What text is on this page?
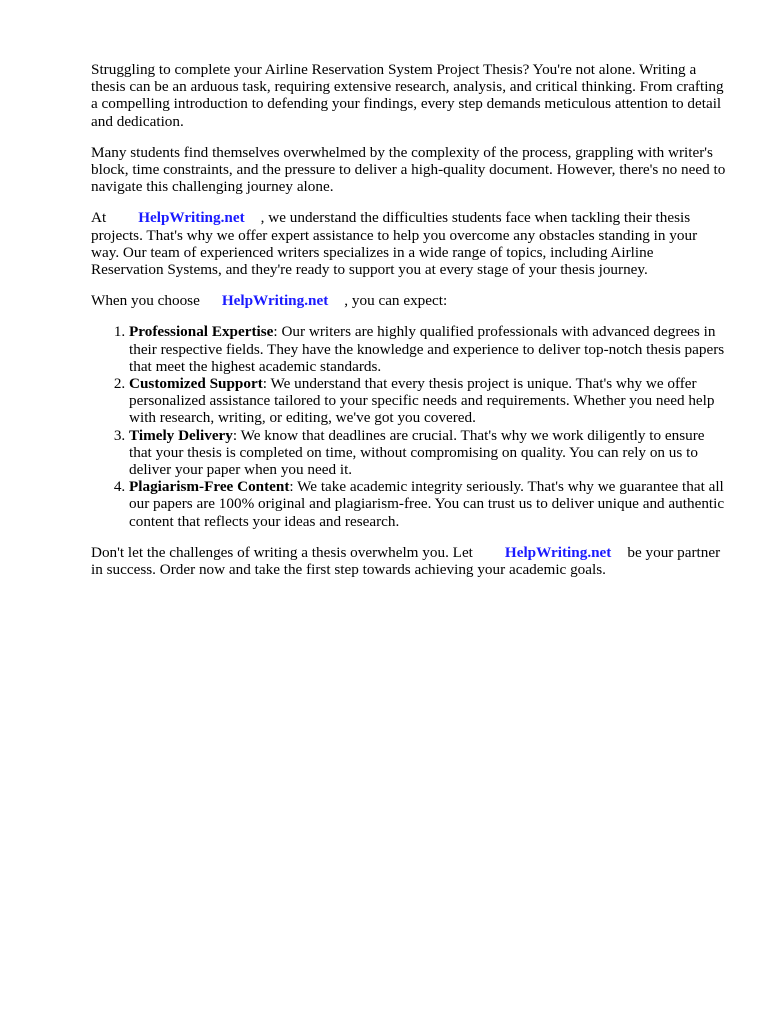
Struggling to complete your Airline Reservation System Project Thesis? You're not alone. Writing a thesis can be an arduous task, requiring extensive research, analysis, and critical thinking. From crafting a compelling introduction to defending your findings, every step demands meticulous attention to detail and dedication.

Many students find themselves overwhelmed by the complexity of the process, grappling with writer's block, time constraints, and the pressure to deliver a high-quality document. However, there's no need to navigate this challenging journey alone.

At HelpWriting.net , we understand the difficulties students face when tackling their thesis projects. That's why we offer expert assistance to help you overcome any obstacles standing in your way. Our team of experienced writers specializes in a wide range of topics, including Airline Reservation Systems, and they're ready to support you at every stage of your thesis journey.

When you choose HelpWriting.net , you can expect:

1. Professional Expertise: Our writers are highly qualified professionals with advanced degrees in their respective fields. They have the knowledge and experience to deliver top-notch thesis papers that meet the highest academic standards.
2. Customized Support: We understand that every thesis project is unique. That's why we offer personalized assistance tailored to your specific needs and requirements. Whether you need help with research, writing, or editing, we've got you covered.
3. Timely Delivery: We know that deadlines are crucial. That's why we work diligently to ensure that your thesis is completed on time, without compromising on quality. You can rely on us to deliver your paper when you need it.
4. Plagiarism-Free Content: We take academic integrity seriously. That's why we guarantee that all our papers are 100% original and plagiarism-free. You can trust us to deliver unique and authentic content that reflects your ideas and research.

Don't let the challenges of writing a thesis overwhelm you. Let HelpWriting.net be your partner in success. Order now and take the first step towards achieving your academic goals.
